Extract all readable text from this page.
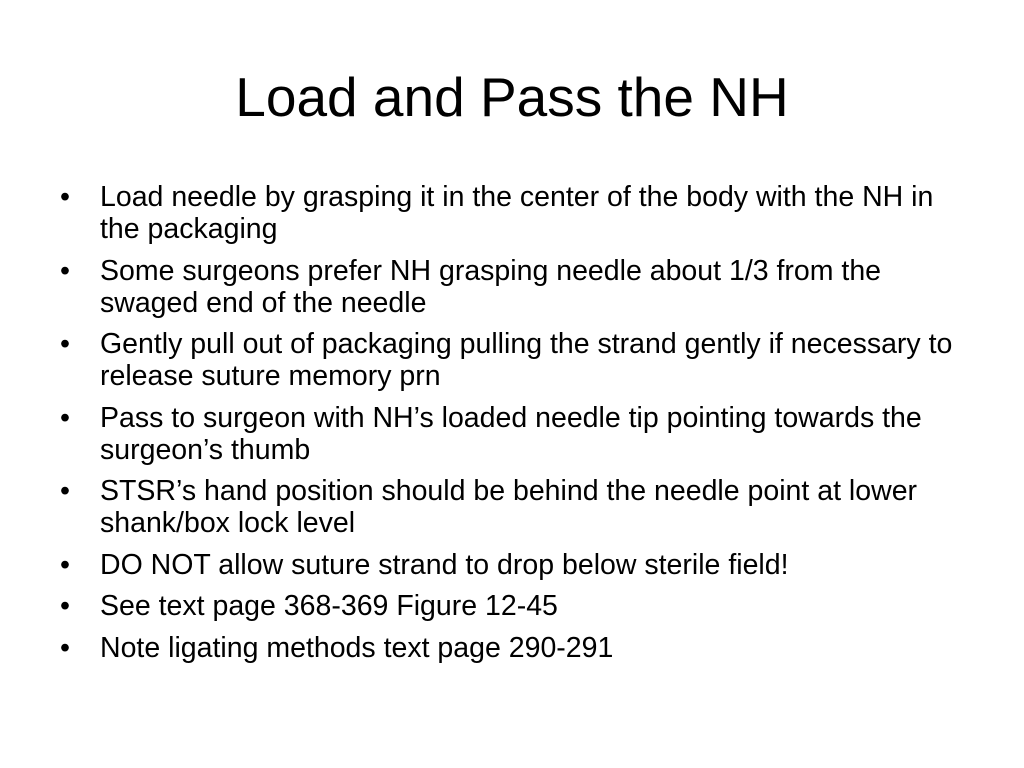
Load and Pass the NH
• Load needle by grasping it in the center of the body with the NH in the packaging
• Some surgeons prefer NH grasping needle about 1/3 from the swaged end of the needle
• Gently pull out of packaging pulling the strand gently if necessary to release suture memory prn
• Pass to surgeon with NH’s loaded needle tip pointing towards the surgeon’s thumb
• STSR’s hand position should be behind the needle point at lower shank/box lock level
• DO NOT allow suture strand to drop below sterile field!
• See text page 368-369 Figure 12-45
• Note ligating methods text page 290-291
